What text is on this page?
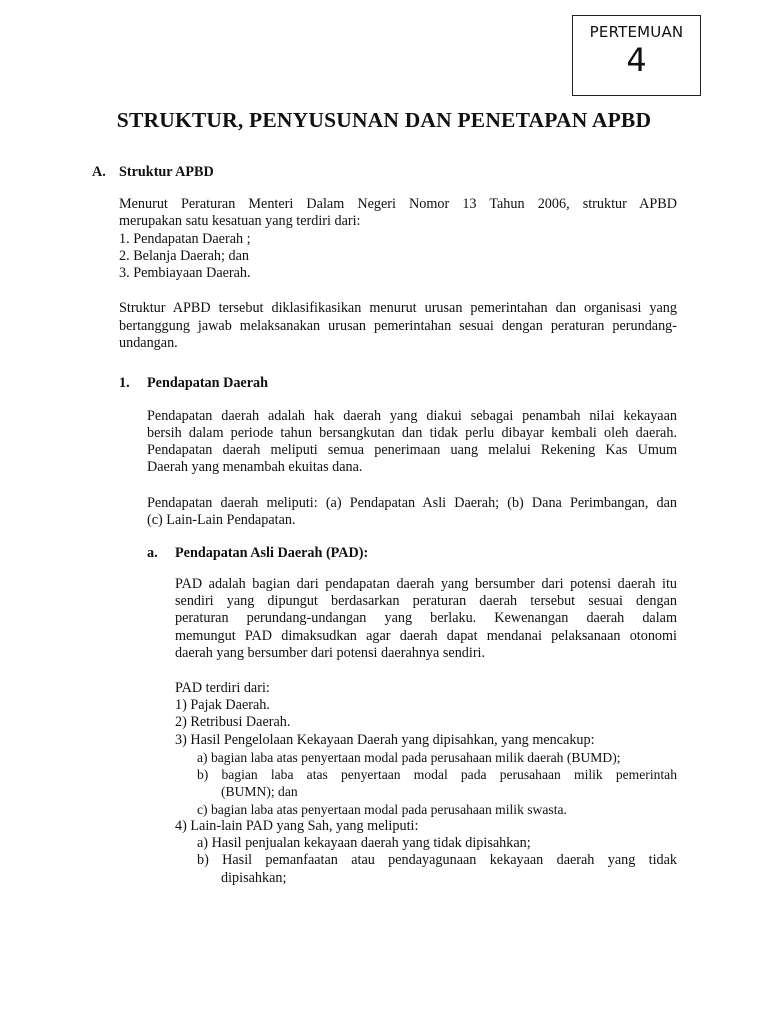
PERTEMUAN
4
STRUKTUR, PENYUSUNAN DAN PENETAPAN APBD

A. Struktur APBD

Menurut Peraturan Menteri Dalam Negeri Nomor 13 Tahun 2006, struktur APBD

merupakan satu kesatuan yang terdiri dari:

1. Pendapatan Daerah ;

2. Belanja Daerah; dan

3. Pembiayaan Daerah.

Struktur APBD tersebut diklasifikasikan menurut urusan pemerintahan dan organisasi yang

bertanggung jawab melaksanakan urusan pemerintahan sesuai dengan peraturan perundang-

undangan.

1. Pendapatan Daerah

Pendapatan daerah adalah hak daerah yang diakui sebagai penambah nilai kekayaan

bersih dalam periode tahun bersangkutan dan tidak perlu dibayar kembali oleh daerah.

Pendapatan daerah meliputi semua penerimaan uang melalui Rekening Kas Umum

Daerah yang menambah ekuitas dana.

Pendapatan daerah meliputi: (a) Pendapatan Asli Daerah; (b) Dana Perimbangan, dan

(c) Lain-Lain Pendapatan.

a. Pendapatan Asli Daerah (PAD):

PAD adalah bagian dari pendapatan daerah yang bersumber dari potensi daerah itu

sendiri yang dipungut berdasarkan peraturan daerah tersebut sesuai dengan

peraturan perundang-undangan yang berlaku. Kewenangan daerah dalam

memungut PAD dimaksudkan agar daerah dapat mendanai pelaksanaan otonomi

daerah yang bersumber dari potensi daerahnya sendiri.

PAD terdiri dari:

1) Pajak Daerah.

2) Retribusi Daerah.

3) Hasil Pengelolaan Kekayaan Daerah yang dipisahkan, yang mencakup:

a) bagian laba atas penyertaan modal pada perusahaan milik daerah (BUMD);

b) bagian laba atas penyertaan modal pada perusahaan milik pemerintah

(BUMN); dan

c) bagian laba atas penyertaan modal pada perusahaan milik swasta.

4) Lain-lain PAD yang Sah, yang meliputi:

a) Hasil penjualan kekayaan daerah yang tidak dipisahkan;

b) Hasil pemanfaatan atau pendayagunaan kekayaan daerah yang tidak

dipisahkan;
